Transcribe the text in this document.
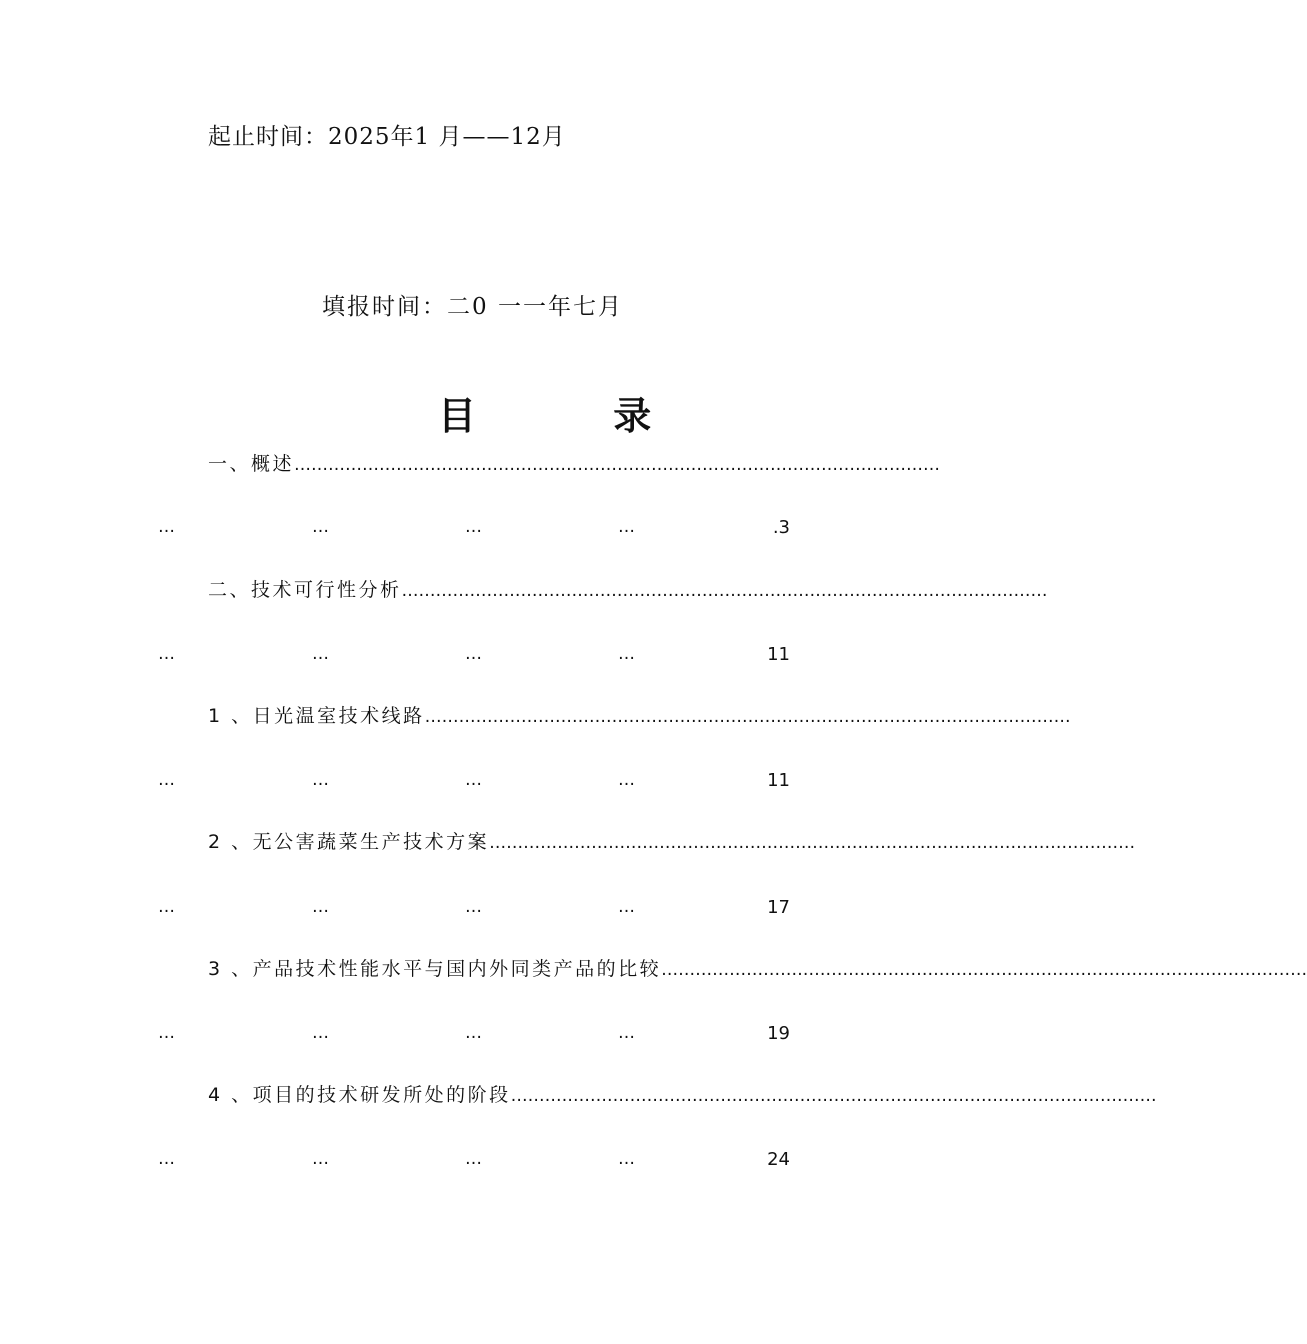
起止时间：2025年1 月——12月
填报时间：二0 一一年七月
目 录
一、概述 ……………………………………………………………………………………………………
…	…	…	…	.3
二、技术可行性分析 ……………………………………………………………………………………………………
…	…	…	…	11
1 、日光温室技术线路 ……………………………………………………………………………………………………
…	…	…	…	11
2 、无公害蔬菜生产技术方案 ……………………………………………………………………………………………………
…	…	…	…	17
3 、产品技术性能水平与国内外同类产品的比较 ……………………………………………………………………………………………………
…	…	…	…	19
4 、项目的技术研发所处的阶段 ……………………………………………………………………………………………………
…	…	…	…	24
